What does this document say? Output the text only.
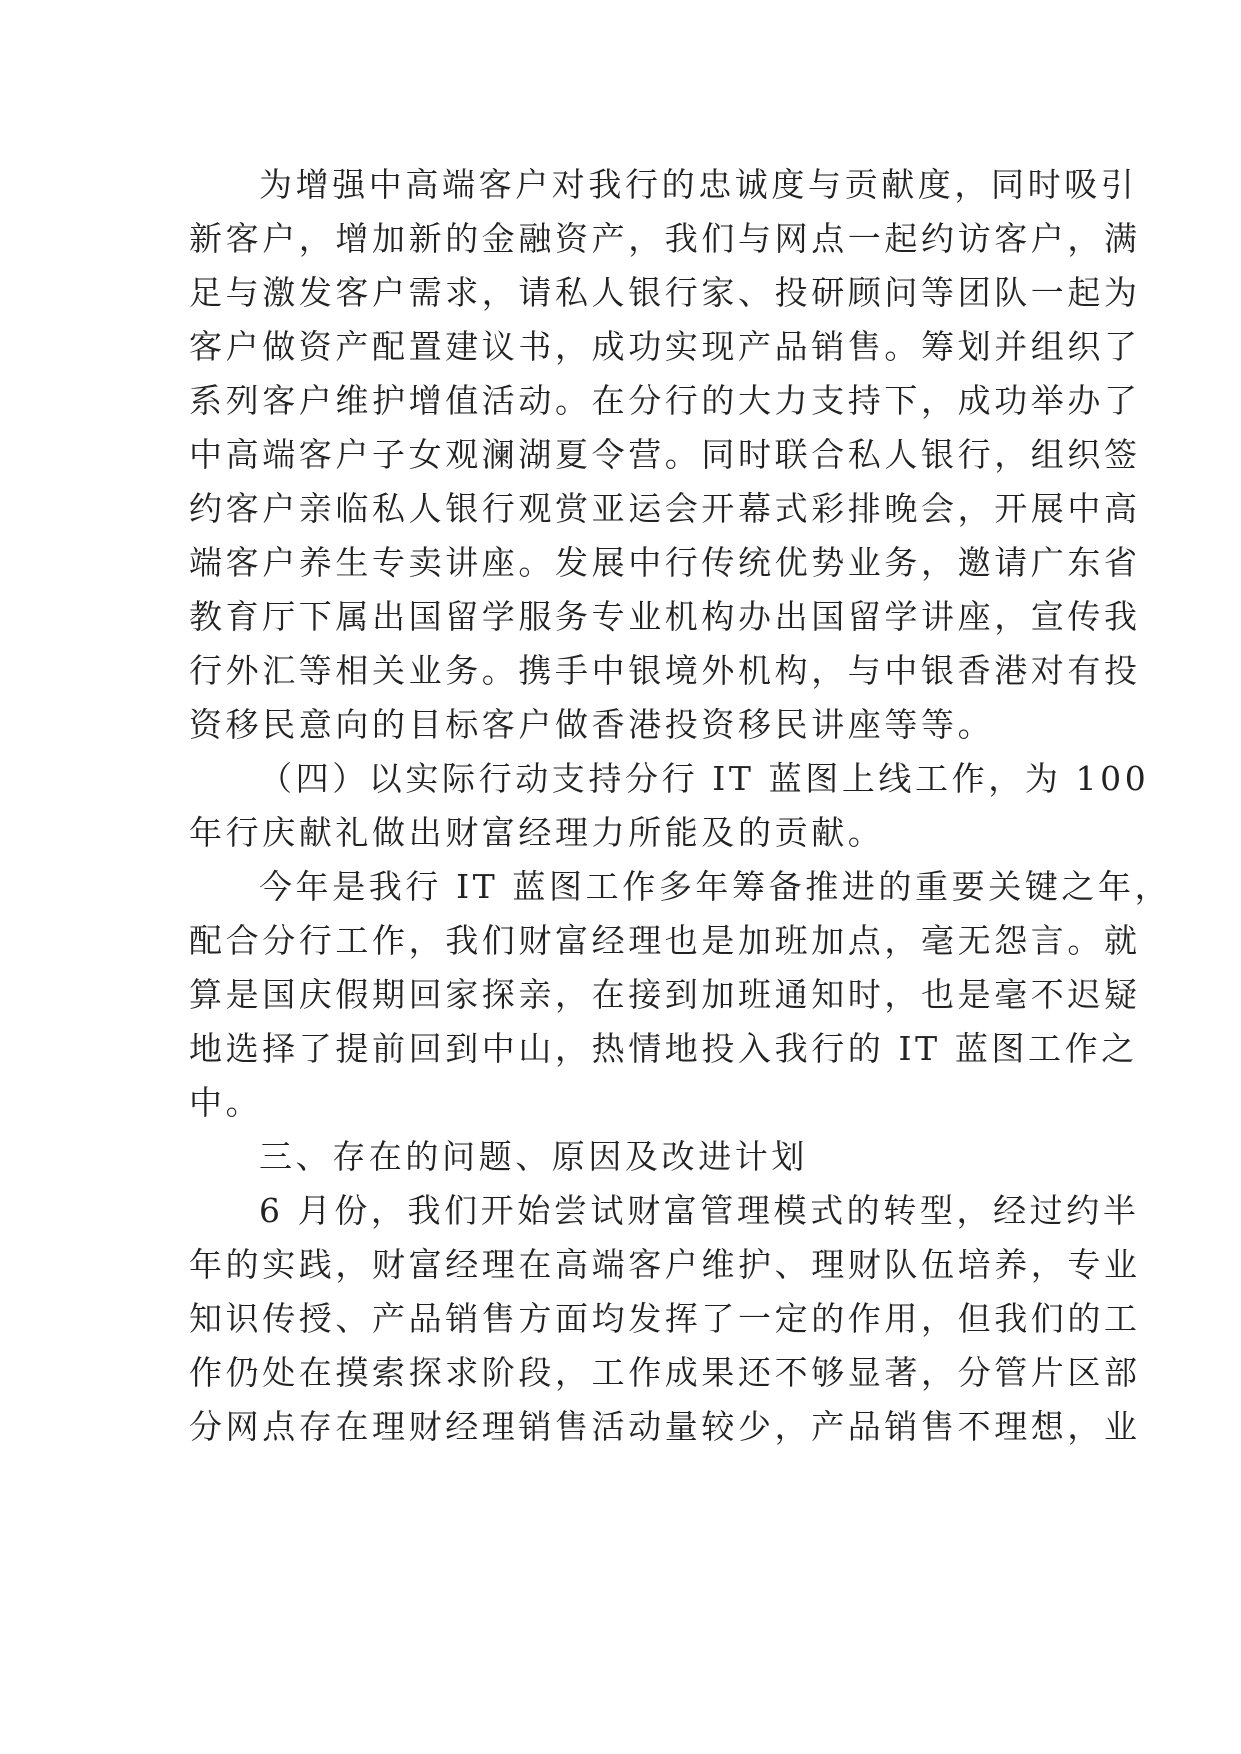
为增强中高端客户对我行的忠诚度与贡献度，同时吸引
新客户，增加新的金融资产，我们与网点一起约访客户，满
足与激发客户需求，请私人银行家、投研顾问等团队一起为
客户做资产配置建议书，成功实现产品销售。筹划并组织了
系列客户维护增值活动。在分行的大力支持下，成功举办了
中高端客户子女观澜湖夏令营。同时联合私人银行，组织签
约客户亲临私人银行观赏亚运会开幕式彩排晚会，开展中高
端客户养生专卖讲座。发展中行传统优势业务，邀请广东省
教育厅下属出国留学服务专业机构办出国留学讲座，宣传我
行外汇等相关业务。携手中银境外机构，与中银香港对有投
资移民意向的目标客户做香港投资移民讲座等等。
（四）以实际行动支持分行 IT 蓝图上线工作，为 100
年行庆献礼做出财富经理力所能及的贡献。
今年是我行 IT 蓝图工作多年筹备推进的重要关键之年，
配合分行工作，我们财富经理也是加班加点，毫无怨言。就
算是国庆假期回家探亲，在接到加班通知时，也是毫不迟疑
地选择了提前回到中山，热情地投入我行的 IT 蓝图工作之
中。
三、存在的问题、原因及改进计划
6 月份，我们开始尝试财富管理模式的转型，经过约半
年的实践，财富经理在高端客户维护、理财队伍培养，专业
知识传授、产品销售方面均发挥了一定的作用，但我们的工
作仍处在摸索探求阶段，工作成果还不够显著，分管片区部
分网点存在理财经理销售活动量较少，产品销售不理想，业
